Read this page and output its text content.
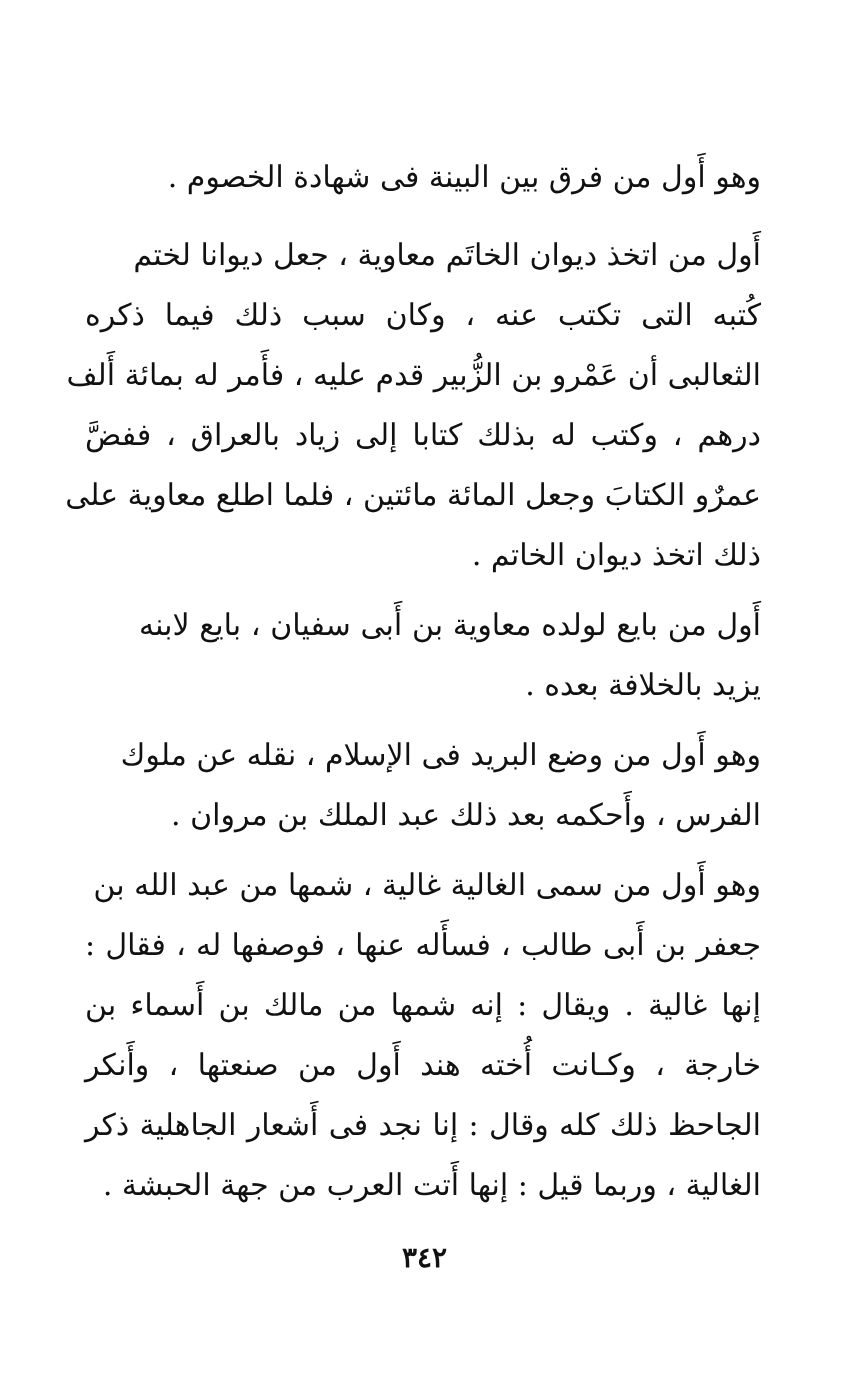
وهو أَول من فرق بين البينة فى شهادة الخصوم .
أَول من اتخذ ديوان الخاتَم معاوية ، جعل ديوانا لختم
كُتبه التى تكتب عنه ، وكان سبب ذلك فيما ذكره
الثعالبى أن عَمْرو بن الزُّبير قدم عليه ، فأَمر له بمائة أَلف
درهم ، وكتب له بذلك كتابا إلى زياد بالعراق ، ففضَّ
عمرٌو الكتابَ وجعل المائة مائتين ، فلما اطلع معاوية على
ذلك اتخذ ديوان الخاتم .
أَول من بايع لولده معاوية بن أَبى سفيان ، بايع لابنه
يزيد بالخلافة بعده .
وهو أَول من وضع البريد فى الإسلام ، نقله عن ملوك
الفرس ، وأَحكمه بعد ذلك عبد الملك بن مروان .
وهو أَول من سمى الغالية غالية ، شمها من عبد الله بن
جعفر بن أَبى طالب ، فسأَله عنها ، فوصفها له ، فقال :
إنها غالية . ويقال : إنه شمها من مالك بن أَسماء بن
خارجة ، وكـانت أُخته هند أَول من صنعتها ، وأَنكر
الجاحظ ذلك كله وقال : إنا نجد فى أَشعار الجاهلية ذكر
الغالية ، وربما قيل : إنها أَتت العرب من جهة الحبشة .
٣٤٢
